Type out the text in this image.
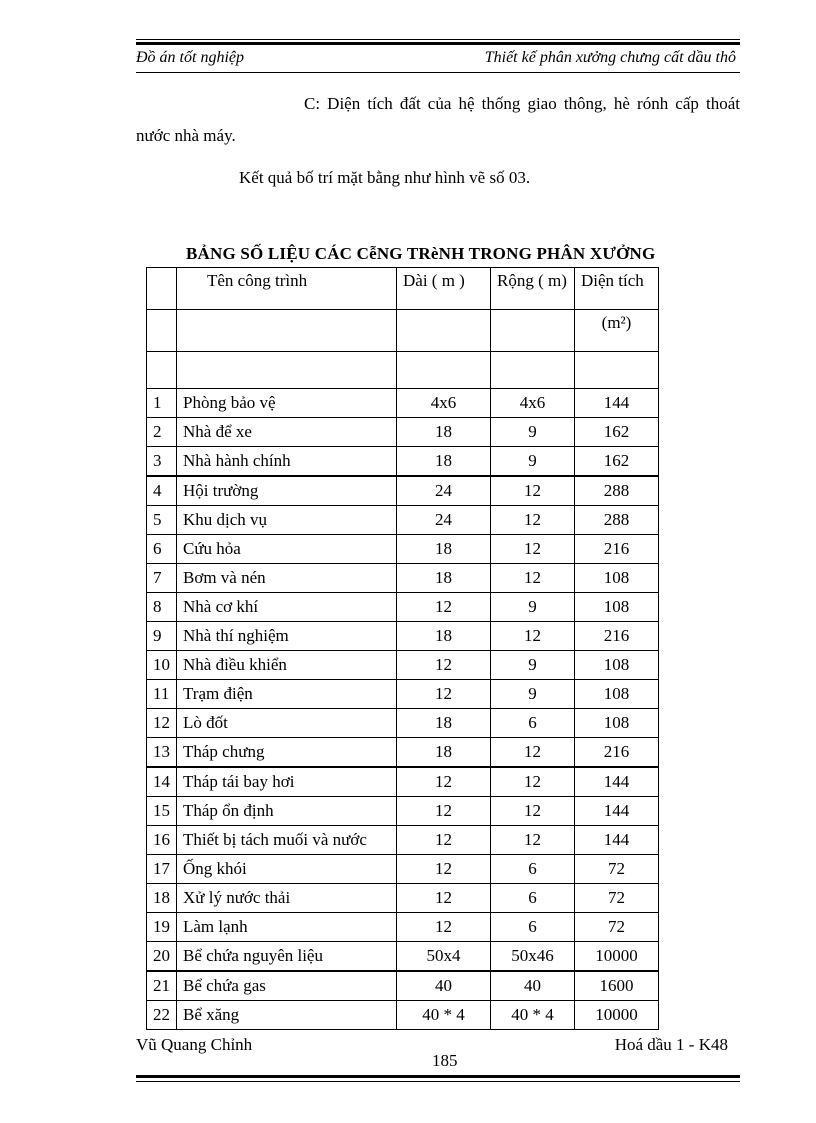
Đồ án tốt nghiệp	Thiết kế phân xưởng chưng cất dầu thô
C: Diện tích đất của hệ thống giao thông, hè rónh cấp thoát nước nhà máy.
Kết quả bố trí mặt bằng như hình vẽ số 03.
BẢNG SỐ LIỆU CÁC CễNG TRèNH TRONG PHÂN XƯỞNG
	Tên công trình	Dài ( m )	Rộng ( m)	Diện tích
				(m²)

1	Phòng bảo vệ	4x6	4x6	144
2	Nhà để xe	18	9	162
3	Nhà hành chính	18	9	162
4	Hội trường	24	12	288
5	Khu dịch vụ	24	12	288
6	Cứu hỏa	18	12	216
7	Bơm và nén	18	12	108
8	Nhà cơ khí	12	9	108
9	Nhà thí nghiệm	18	12	216
10	Nhà điều khiển	12	9	108
11	Trạm điện	12	9	108
12	Lò đốt	18	6	108
13	Tháp chưng	18	12	216
14	Tháp tái bay hơi	12	12	144
15	Tháp ổn định	12	12	144
16	Thiết bị tách muối và nước	12	12	144
17	Ống khói	12	6	72
18	Xử lý nước thải	12	6	72
19	Làm lạnh	12	6	72
20	Bể chứa nguyên liệu	50x4	50x46	10000
21	Bể chứa gas	40	40	1600
22	Bể xăng	40 * 4	40 * 4	10000
Vũ Quang Chỉnh	Hoá dầu 1 - K48
185
